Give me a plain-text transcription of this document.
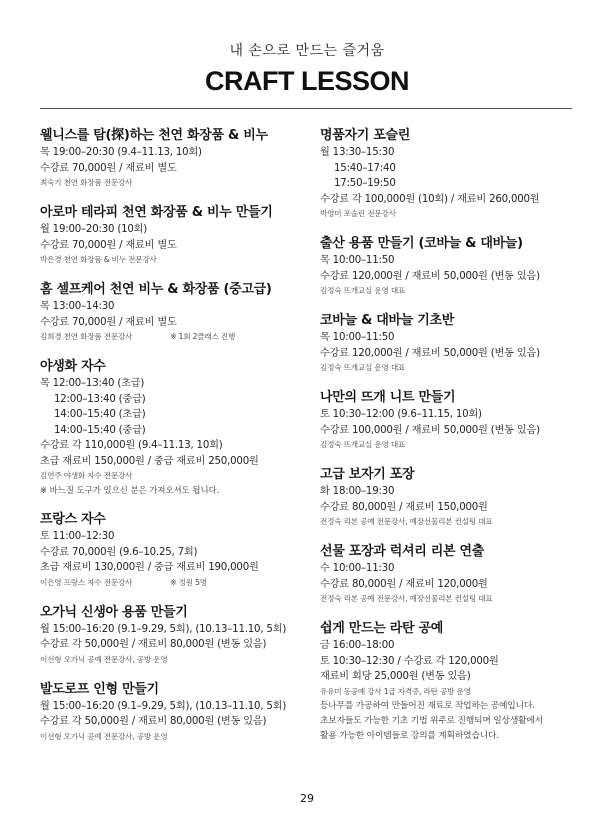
내 손으로 만드는 즐거움
CRAFT LESSON
웰니스를 탐(探)하는 천연 화장품 & 비누
목 19:00–20:30 (9.4–11.13, 10회)
수강료 70,000원 / 재료비 별도
최숙기 천연 화장품 전문강사
아로마 테라피 천연 화장품 & 비누 만들기
월 19:00–20:30 (10회)
수강료 70,000원 / 재료비 별도
박은경 천연 화장품 & 비누 전문강사
홈 셀프케어 천연 비누 & 화장품 (중고급)
목 13:00–14:30
수강료 70,000원 / 재료비 별도
김희경 천연 화장품 전문강사	※ 1회 2클래스 진행
야생화 자수
목 12:00–13:40 (초급)
12:00–13:40 (중급)
14:00–15:40 (초급)
14:00–15:40 (중급)
수강료 각 110,000원 (9.4–11.13, 10회)
초급 재료비 150,000원 / 중급 재료비 250,000원
김연주 야생화 자수 전문강사
※ 바느질 도구가 있으신 분은 가져오셔도 됩니다.
프랑스 자수
토 11:00–12:30
수강료 70,000원 (9.6–10.25, 7회)
초급 재료비 130,000원 / 중급 재료비 190,000원
이은영 프랑스 자수 전문강사	※ 정원 5명
오가닉 신생아 용품 만들기
월 15:00–16:20 (9.1–9.29, 5회), (10.13–11.10, 5회)
수강료 각 50,000원 / 재료비 80,000원 (변동 있음)
이선형 오가닉 공예 전문강사, 공방 운영
발도로프 인형 만들기
월 15:00–16:20 (9.1–9.29, 5회), (10.13–11.10, 5회)
수강료 각 50,000원 / 재료비 80,000원 (변동 있음)
이선형 오가닉 공예 전문강사, 공방 운영
명품자기 포슬린
월 13:30–15:30
15:40–17:40
17:50–19:50
수강료 각 100,000원 (10회) / 재료비 260,000원
박영미 포슬린 전문강사
출산 용품 만들기 (코바늘 & 대바늘)
목 10:00–11:50
수강료 120,000원 / 재료비 50,000원 (변동 있음)
김정숙 뜨개교실 운영 대표
코바늘 & 대바늘 기초반
목 10:00–11:50
수강료 120,000원 / 재료비 50,000원 (변동 있음)
김정숙 뜨개교실 운영 대표
나만의 뜨개 니트 만들기
토 10:30–12:00 (9.6–11.15, 10회)
수강료 100,000원 / 재료비 50,000원 (변동 있음)
김정숙 뜨개교실 운영 대표
고급 보자기 포장
화 18:00–19:30
수강료 80,000원 / 재료비 150,000원
전정숙 리본 공예 전문강사, 예장선물리본 컨설팅 대표
선물 포장과 럭셔리 리본 연출
수 10:00–11:30
수강료 80,000원 / 재료비 120,000원
전정숙 리본 공예 전문강사, 예장선물리본 컨설팅 대표
쉽게 만드는 라탄 공예
금 16:00–18:00
토 10:30–12:30 / 수강료 각 120,000원
재료비 회당 25,000원 (변동 있음)
유유미 등공예 강사 1급 자격증, 라탄 공방 운영
등나무를 가공하여 만들어진 재료로 작업하는 공예입니다.
초보자들도 가능한 기초 기법 위주로 진행되며 일상생활에서
활용 가능한 아이템들로 강의를 계획하였습니다.
29
